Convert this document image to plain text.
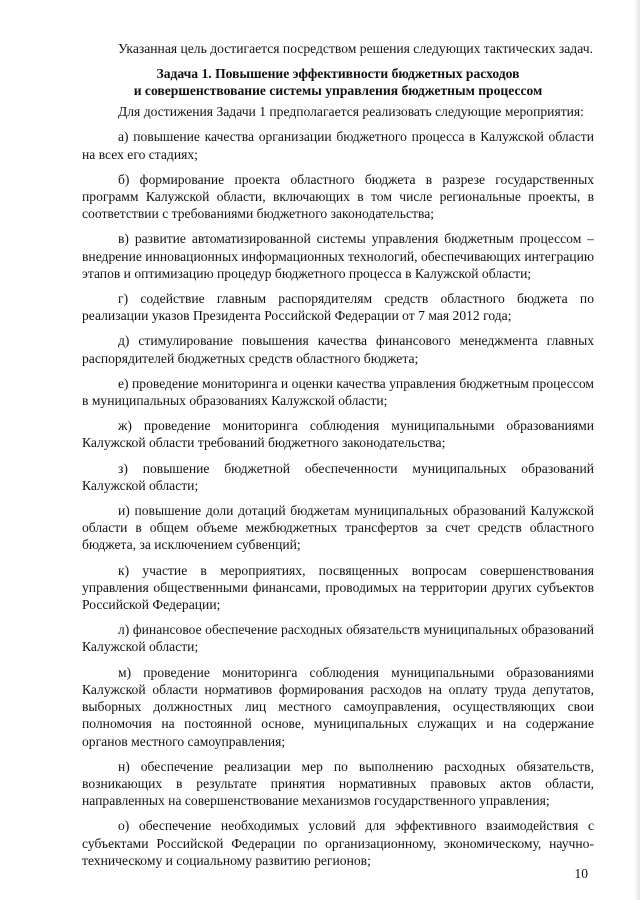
Указанная цель достигается посредством решения следующих тактических задач.

Задача 1. Повышение эффективности бюджетных расходов
и совершенствование системы управления бюджетным процессом

Для достижения Задачи 1 предполагается реализовать следующие мероприятия:

а) повышение качества организации бюджетного процесса в Калужской области на всех его стадиях;

б) формирование проекта областного бюджета в разрезе государственных программ Калужской области, включающих в том числе региональные проекты, в соответствии с требованиями бюджетного законодательства;

в) развитие автоматизированной системы управления бюджетным процессом – внедрение инновационных информационных технологий, обеспечивающих интеграцию этапов и оптимизацию процедур бюджетного процесса в Калужской области;

г) содействие главным распорядителям средств областного бюджета по реализации указов Президента Российской Федерации от 7 мая 2012 года;

д) стимулирование повышения качества финансового менеджмента главных распорядителей бюджетных средств областного бюджета;

е) проведение мониторинга и оценки качества управления бюджетным процессом в муниципальных образованиях Калужской области;

ж) проведение мониторинга соблюдения муниципальными образованиями Калужской области требований бюджетного законодательства;

з) повышение бюджетной обеспеченности муниципальных образований Калужской области;

и) повышение доли дотаций бюджетам муниципальных образований Калужской области в общем объеме межбюджетных трансфертов за счет средств областного бюджета, за исключением субвенций;

к) участие в мероприятиях, посвященных вопросам совершенствования управления общественными финансами, проводимых на территории других субъектов Российской Федерации;

л) финансовое обеспечение расходных обязательств муниципальных образований Калужской области;

м) проведение мониторинга соблюдения муниципальными образованиями Калужской области нормативов формирования расходов на оплату труда депутатов, выборных должностных лиц местного самоуправления, осуществляющих свои полномочия на постоянной основе, муниципальных служащих и на содержание органов местного самоуправления;

н) обеспечение реализации мер по выполнению расходных обязательств, возникающих в результате принятия нормативных правовых актов области, направленных на совершенствование механизмов государственного управления;

о) обеспечение необходимых условий для эффективного взаимодействия с субъектами Российской Федерации по организационному, экономическому, научно-техническому и социальному развитию регионов;

10
